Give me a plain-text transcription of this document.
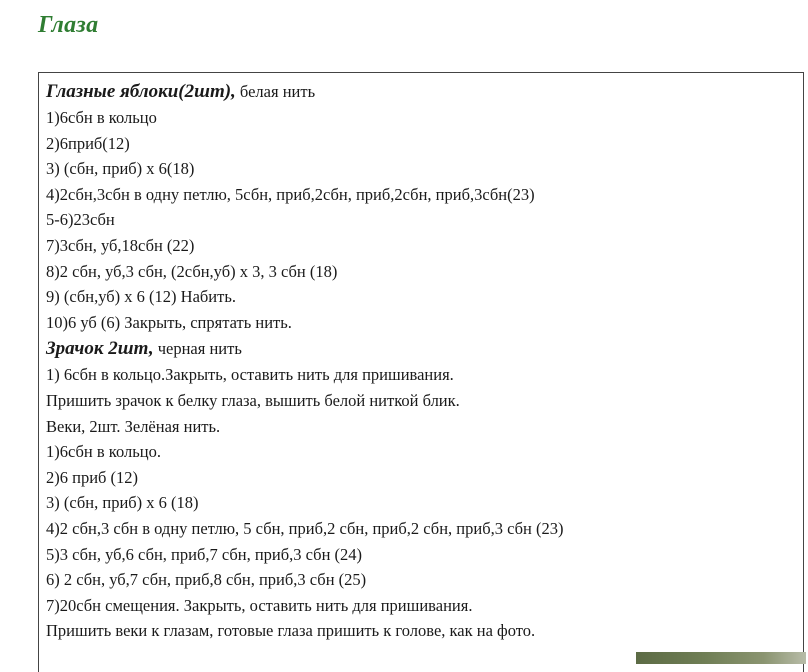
Глаза
Глазные яблоки(2шт), белая нить
1)6сбн в кольцо
2)6приб(12)
3) (сбн, приб) х 6(18)
4)2сбн,3сбн в одну петлю, 5сбн, приб,2сбн, приб,2сбн, приб,3сбн(23)
5-6)23сбн
7)3сбн, уб,18сбн (22)
8)2 сбн, уб,3 сбн, (2сбн,уб) х 3, 3 сбн (18)
9) (сбн,уб) х 6 (12) Набить.
10)6 уб (6) Закрыть, спрятать нить.
Зрачок 2шт, черная нить
1) 6сбн в кольцо.Закрыть, оставить нить для пришивания.
Пришить зрачок к белку глаза, вышить белой ниткой блик.
Веки, 2шт. Зелёная нить.
1)6сбн в кольцо.
2)6 приб (12)
3) (сбн, приб) х 6 (18)
4)2 сбн,3 сбн в одну петлю, 5 сбн, приб,2 сбн, приб,2 сбн, приб,3 сбн (23)
5)3 сбн, уб,6 сбн, приб,7 сбн, приб,3 сбн (24)
6) 2 сбн, уб,7 сбн, приб,8 сбн, приб,3 сбн (25)
7)20сбн смещения. Закрыть, оставить нить для пришивания.
Пришить веки к глазам, готовые глаза пришить к голове, как на фото.
